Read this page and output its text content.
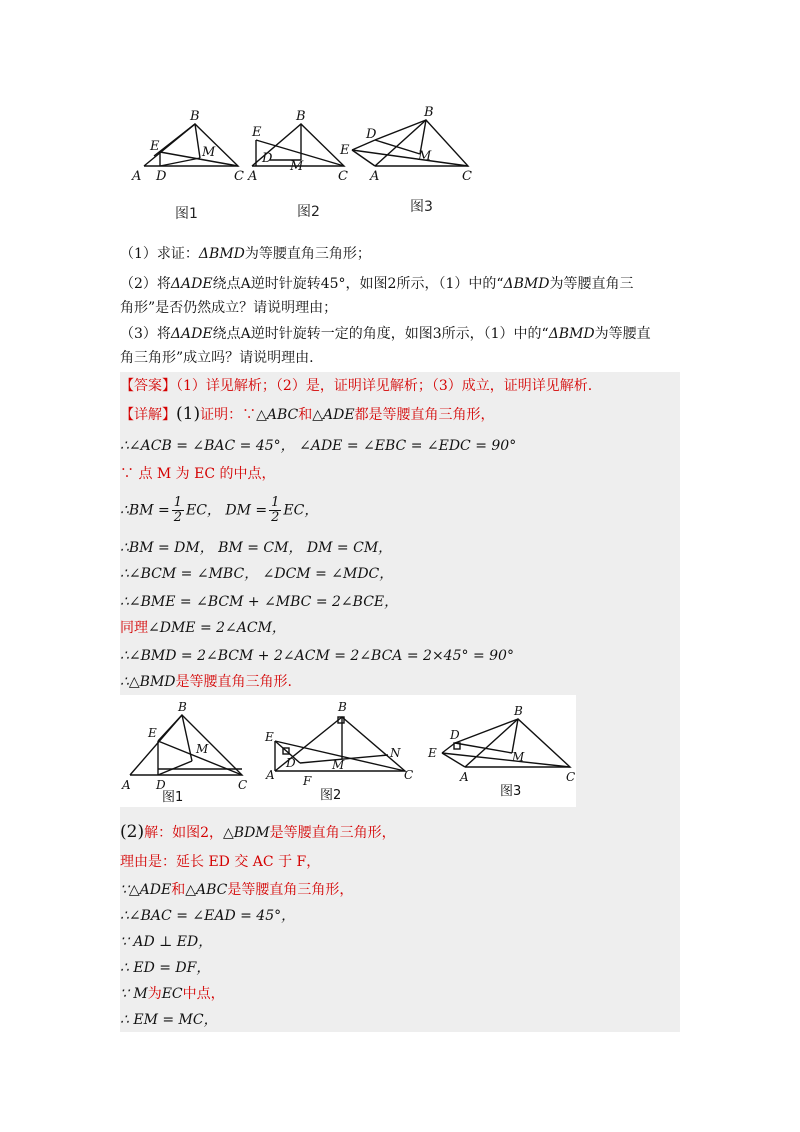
B
E	M
A D	C
B
E
D
M
A	C
B
D
E	M
A	C
图1	图2	图3
（1）求证：ΔBMD为等腰直角三角形；
（2）将ΔADE绕点A逆时针旋转45°，如图2所示，（1）中的“ΔBMD为等腰直角三
角形”是否仍然成立？请说明理由；
（3）将ΔADE绕点A逆时针旋转一定的角度，如图3所示，（1）中的“ΔBMD为等腰直
角三角形”成立吗？请说明理由.
【答案】（1）详见解析；（2）是，证明详见解析；（3）成立，证明详见解析.
【详解】(1)证明：∵△ABC和△ADE都是等腰直角三角形，
∴∠ACB = ∠BAC = 45°， ∠ADE = ∠EBC = ∠EDC = 90°
∵ 点 M 为 EC 的中点，
∴BM = $\frac{1}{2}$ EC， DM = $\frac{1}{2}$ EC，
∴BM = DM， BM = CM， DM = CM，
∴∠BCM = ∠MBC， ∠DCM = ∠MDC，
∴∠BME = ∠BCM + ∠MBC = 2∠BCE，
同理∠DME = 2∠ACM，
∴∠BMD = 2∠BCM + 2∠ACM = 2∠BCA = 2×45° = 90°
∴△BMD是等腰直角三角形.
B
E
M
A D	C
图1
B
E
D	M
N
A F	C
图2
B
D
E	M
A	C
图3
(2)解：如图2，△BDM是等腰直角三角形，
理由是：延长 ED 交 AC 于 F，
∵△ADE和△ABC是等腰直角三角形，
∴∠BAC = ∠EAD = 45°，
∵ AD ⊥ ED，
∴ ED = DF，
∵ M为EC中点，
∴ EM = MC，
